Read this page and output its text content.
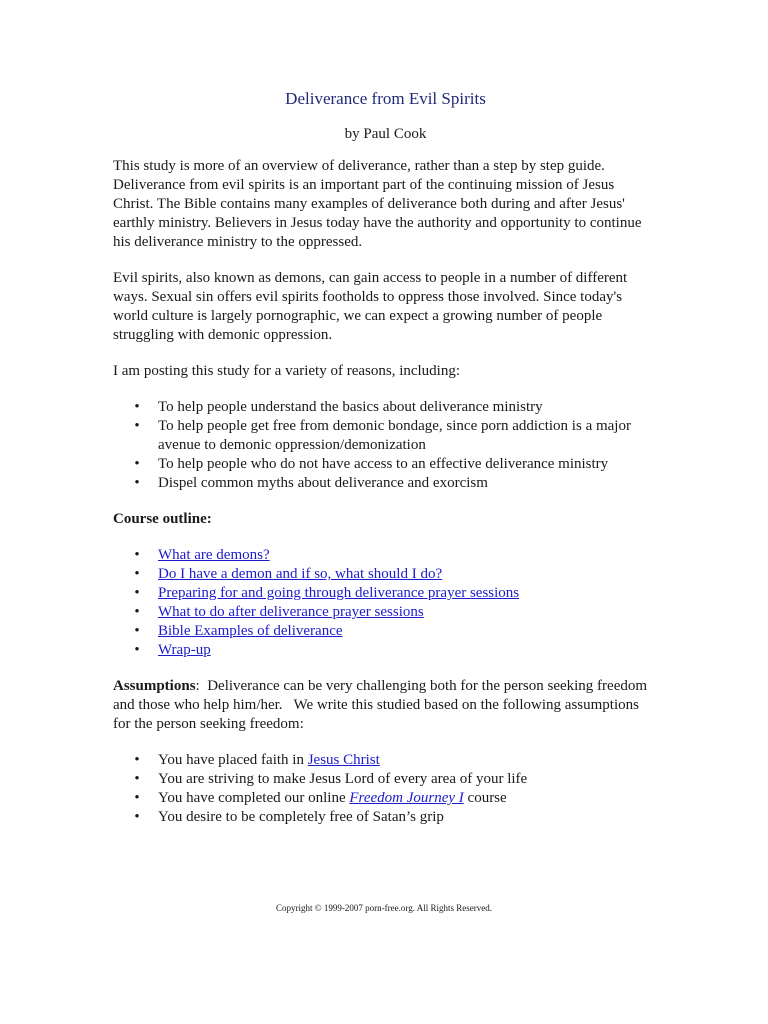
Deliverance from Evil Spirits
by Paul Cook

This study is more of an overview of deliverance, rather than a step by step guide. Deliverance from evil spirits is an important part of the continuing mission of Jesus Christ. The Bible contains many examples of deliverance both during and after Jesus' earthly ministry. Believers in Jesus today have the authority and opportunity to continue his deliverance ministry to the oppressed.

Evil spirits, also known as demons, can gain access to people in a number of different ways. Sexual sin offers evil spirits footholds to oppress those involved. Since today's world culture is largely pornographic, we can expect a growing number of people struggling with demonic oppression.

I am posting this study for a variety of reasons, including:

• To help people understand the basics about deliverance ministry
• To help people get free from demonic bondage, since porn addiction is a major avenue to demonic oppression/demonization
• To help people who do not have access to an effective deliverance ministry
• Dispel common myths about deliverance and exorcism
Course outline:
• What are demons?
• Do I have a demon and if so, what should I do?
• Preparing for and going through deliverance prayer sessions
• What to do after deliverance prayer sessions
• Bible Examples of deliverance
• Wrap-up

Assumptions:  Deliverance can be very challenging both for the person seeking freedom and those who help him/her.   We write this studied based on the following assumptions for the person seeking freedom:

• You have placed faith in Jesus Christ
• You are striving to make Jesus Lord of every area of your life
• You have completed our online Freedom Journey I course
• You desire to be completely free of Satan’s grip
Copyright © 1999-2007 porn-free.org. All Rights Reserved.
